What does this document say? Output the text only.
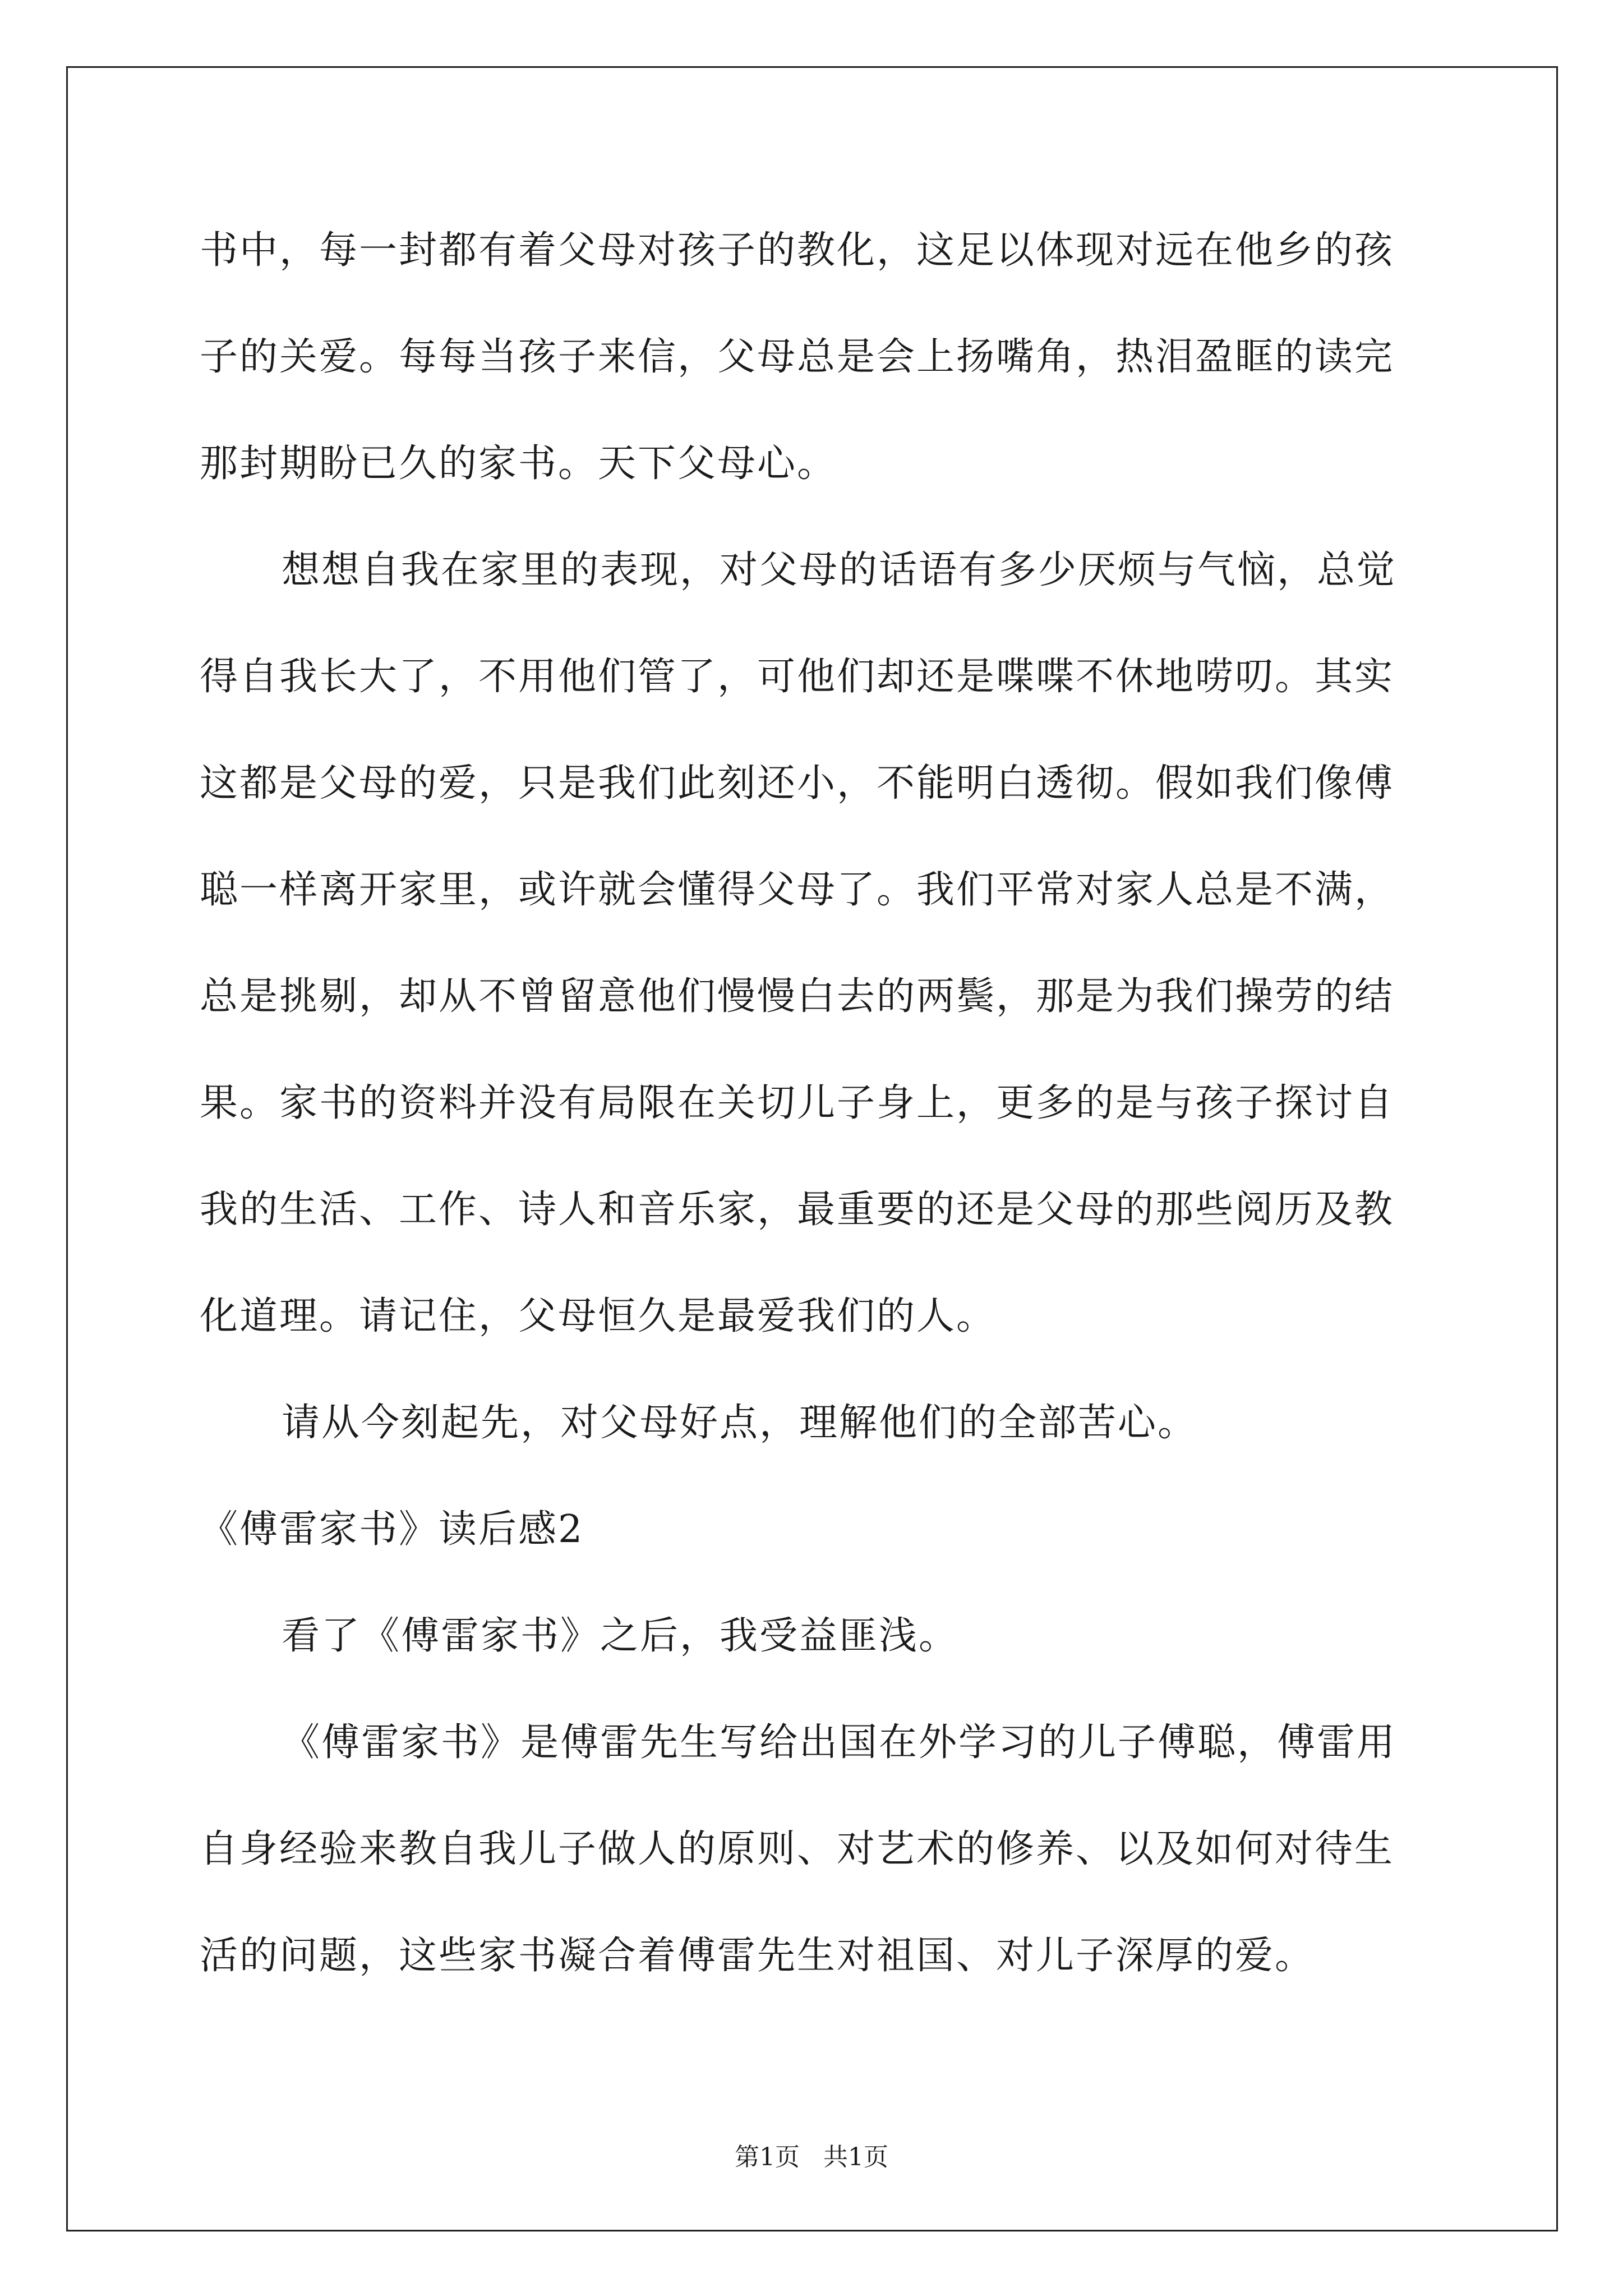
书中，每一封都有着父母对孩子的教化，这足以体现对远在他乡的孩
子的关爱。每每当孩子来信，父母总是会上扬嘴角，热泪盈眶的读完
那封期盼已久的家书。天下父母心。
想想自我在家里的表现，对父母的话语有多少厌烦与气恼，总觉
得自我长大了，不用他们管了，可他们却还是喋喋不休地唠叨。其实
这都是父母的爱，只是我们此刻还小，不能明白透彻。假如我们像傅
聪一样离开家里，或许就会懂得父母了。我们平常对家人总是不满，
总是挑剔，却从不曾留意他们慢慢白去的两鬓，那是为我们操劳的结
果。家书的资料并没有局限在关切儿子身上，更多的是与孩子探讨自
我的生活、工作、诗人和音乐家，最重要的还是父母的那些阅历及教
化道理。请记住，父母恒久是最爱我们的人。
请从今刻起先，对父母好点，理解他们的全部苦心。
《傅雷家书》读后感2
看了《傅雷家书》之后，我受益匪浅。
《傅雷家书》是傅雷先生写给出国在外学习的儿子傅聪，傅雷用
自身经验来教自我儿子做人的原则、对艺术的修养、以及如何对待生
活的问题，这些家书凝合着傅雷先生对祖国、对儿子深厚的爱。
第1页   共1页
